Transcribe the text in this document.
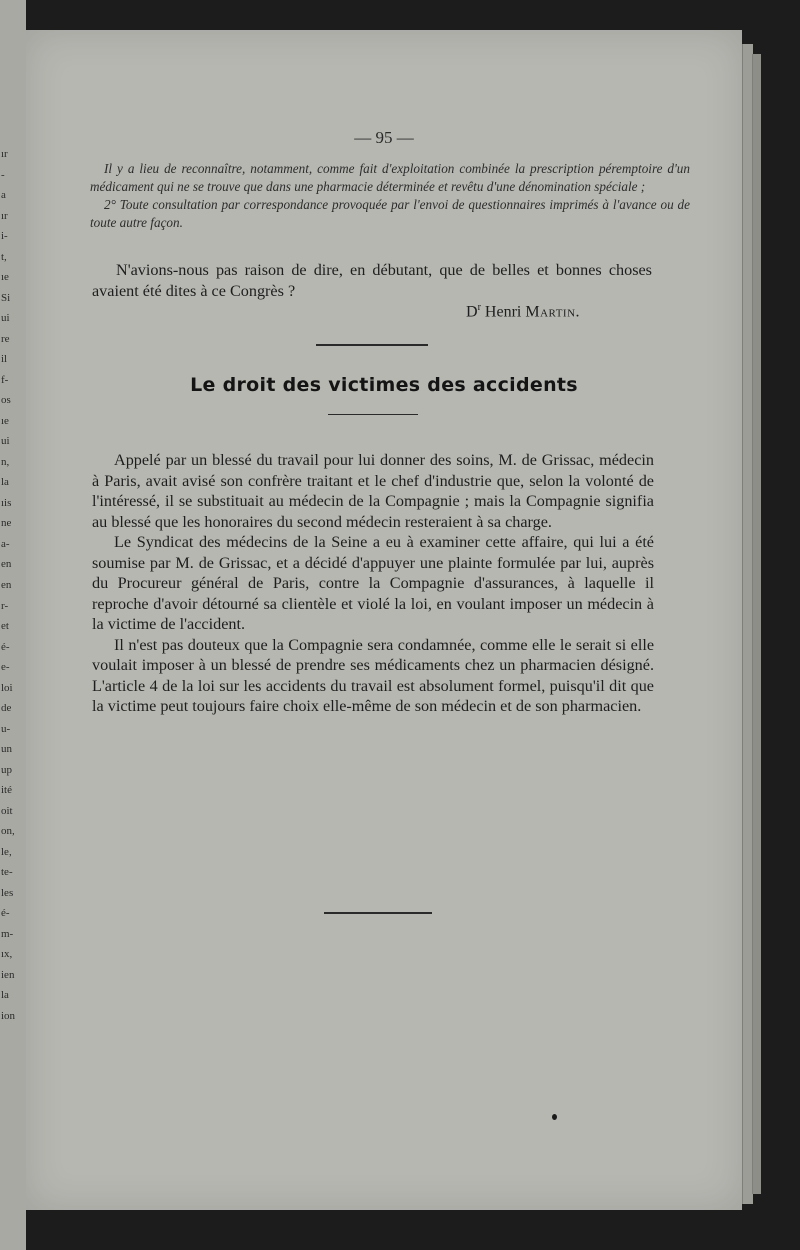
ır
-
a
ır
i-
t,
ıe
Si
ui
re
il
f-
os
ıe
ui
n,
la
ıis
ne
a-
en
en
r-
et
é-
e-
loi
de
u-
un
up
ité
oit
on,
le,
te-
les
é-
m-
ıx,
ien
la
ion
— 95 —

Il y a lieu de reconnaître, notamment, comme fait d'exploitation combinée la prescription péremptoire d'un médicament qui ne se trouve que dans une pharmacie déterminée et revêtu d'une dénomination spéciale ;

2° Toute consultation par correspondance provoquée par l'envoi de questionnaires imprimés à l'avance ou de toute autre façon.

N'avions-nous pas raison de dire, en débutant, que de belles et bonnes choses avaient été dites à ce Congrès ?

$D^r$ Henri Martin.
Le droit des victimes des accidents

Appelé par un blessé du travail pour lui donner des soins, M. de Grissac, médecin à Paris, avait avisé son confrère traitant et le chef d'industrie que, selon la volonté de l'intéressé, il se substituait au médecin de la Compagnie ; mais la Compagnie signifia au blessé que les honoraires du second médecin resteraient à sa charge.

Le Syndicat des médecins de la Seine a eu à examiner cette affaire, qui lui a été soumise par M. de Grissac, et a décidé d'appuyer une plainte formulée par lui, auprès du Procureur général de Paris, contre la Compagnie d'assurances, à laquelle il reproche d'avoir détourné sa clientèle et violé la loi, en voulant imposer un médecin à la victime de l'accident.

Il n'est pas douteux que la Compagnie sera condamnée, comme elle le serait si elle voulait imposer à un blessé de prendre ses médicaments chez un pharmacien désigné. L'article 4 de la loi sur les accidents du travail est absolument formel, puisqu'il dit que la victime peut toujours faire choix elle-même de son médecin et de son pharmacien.
